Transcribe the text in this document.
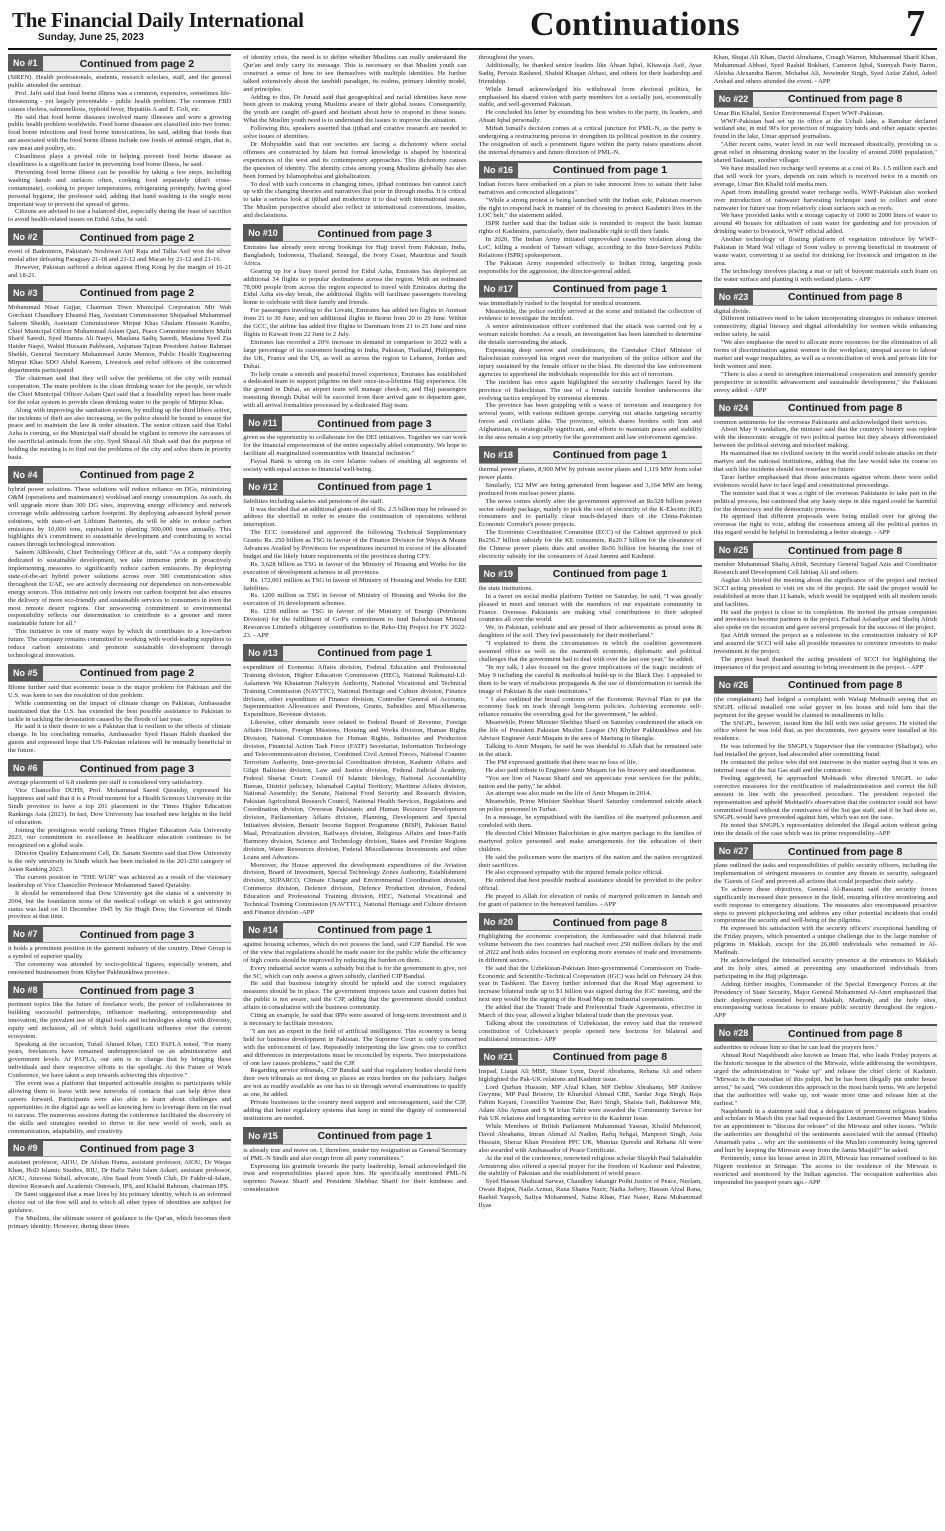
The Financial Daily International
Sunday, June 25, 2023	Continuations	7
No #1	Continued from page 2

(SIREN). Health professionals, students, research scholars, staff, and the general public attended the seminar.

Prof. Jafri said that food borne illness was a common, expensive, sometimes life-threatening - yet largely preventable - public health problem. The common FBD causes cholera, salmonellosis, typhoid fever, Hepatitis A and E. Coli, etc.

He said that food borne diseases involved many illnesses and were a growing public health problem worldwide. Food borne diseases are classified into two forms: food borne infections and food borne intoxications, he said, adding that foods that are associated with the food borne illness include raw foods of animal origin, that is, raw meat and poultry, etc.

Cleanliness plays a pivotal role in helping prevent food borne disease as cleanliness is a significant factor in preventing food borne illness, he said.

Preventing food borne illness can be possible by taking a few steps, including washing hands and surfaces often, cooking food separately (don't cross-contaminate), cooking to proper temperatures, refrigerating promptly, having good personal hygiene, the professor said, adding that hand washing is the single most important way to prevent the spread of germs.

Citizens are advised to use a balanced diet, especially during the feast of sacrifice to avoid health-related issues on Eidul Azha, he said.

No #2	Continued from page 2

event of Badminton, Pakistan's Noshiwan Arif Raja and Talha Asif won the silver medal after defeating Paraguay 21-18 and 21-12 and Macau by 21-12 and 21-16.

However, Pakistan suffered a defeat against Hong Kong by the margin of 16-21 and 18-21.

No #3	Continued from page 2

Mohammad Nisar Gujjar, Chairman Town Municipal Corporation Mir Wah Gorchani Chaudhary Ehsanul Haq, Assistant Commissioner Shujaabad Muhammad Saleem Sheikh, Assistant Commissioner Mirpur Khas Ghulam Hussain Kaniho, Chief Municipal Officer Muhammad Aslam Qazi, Peace Committee members Mufti Sharif Saeedi, Syed Hamza Ali Naqvi, Maulana Sadiq Saeedi, Maulana Syed Zia Haider Naqvi, Wahid Hussain Pahlwani, Anjuman Tajiran President Anisur Rahman Sheikh, General Secretary Muhammad Amin Memon, Public Health Engineering Mirpur Khas SDO Abdul Kareem, Livestock and relief officers of the concerned departments participated.

The chairman said that they will solve the problems of the city with mutual cooperation. The main problem is the clean drinking water for the people, on which the Chief Municipal Officer Aslam Qazi said that a feasibility report has been made for the solar system to provide clean drinking water to the people of Mirpur Khas.

Along with improving the sanitation system, by mulling up the third lifters active, the incidents of theft are also increasing, so the police should be bound to ensure the peace and to maintain the law & order situation. The senior citizen said that Eidul Azha is coming, so the Municipal staff should be vigilant to remove the carcasses of the sacrificial animals from the city. Syed Shazal Ali Shah said that the purpose of holding the meeting is to find out the problems of the city and solve them in priority basis.

No #4	Continued from page 2

hybrid power solutions. These solutions will reduce reliance on DGs, minimizing O&M (operations and maintenance) workload and energy consumption. As such, du will upgrade more than 300 DG sites, improving energy efficiency and network coverage while addressing carbon footprint. By deploying advanced hybrid power solutions, with state-of-art Lithium Batteries, du will be able to reduce carbon emissions by 10,000 tons, equivalent to planting 500,000 trees annually. This highlights du's commitment to sustainable development and contributing to social causes through technological innovation.

Saleem AlBlooshi, Chief Technology Officer at du, said: "As a company deeply dedicated to sustainable development, we take immense pride in proactively implementing measures to significantly reduce carbon emissions. By deploying state-of-the-art hybrid power solutions across over 300 communication sites throughout the UAE, we are actively decreasing our dependence on non-renewable energy sources. This initiative not only lowers our carbon footprint but also ensures the delivery of more eco-friendly and sustainable services to consumers in even the most remote desert regions. Our unwavering commitment to environmental responsibility reflects our determination to contribute to a greener and more sustainable future for all."

This initiative is one of many ways by which du contributes to a low-carbon future. The company remains committed to working with world-leading suppliers to reduce carbon emissions and promote sustainable development through technological innovation.

No #5	Continued from page 2

Blome further said that economic issue is the major problem for Pakistan and the U.S. was keen to see the resolution of this problem.

While commenting on the impact of climate change on Pakistan, Ambassador maintained that the U.S. has extended the best possible assistance to Pakistan to tackle in tackling the devastation caused by the floods of last year.

He said it is their desire to see a Pakistan that is resilient to the effects of climate change. In his concluding remarks, Ambassador Syed Hasan Habib thanked the guests and expressed hope that US-Pakistan relations will be mutually beneficial in the future.

No #6	Continued from page 3

average placement of 6.8 students per staff is considered very satisfactory.

Vice Chancellor DUHS, Prof. Mohammad Saeed Quraishy, expressed his happiness and said that it is a Proud moment for a Health Sciences University in the Sindh province to have a top 201 placement in the Times Higher Education Rankings Asia (2023). In fact, Dow University has touched new heights in the field of education.

Joining the prestigious world ranking Times Higher Education Asia University 2023, our commitment to excellence in healthcare education continues to be recognized on a global scale.

Director Quality Enhancement Cell, Dr. Sanam Soomro said that Dow University is the only university in Sindh which has been included in the 201-250 category of Asian Ranking 2023.

The current position in "THE WUR" was achieved as a result of the visionary leadership of Vice Chancellor Professor Mohammad Saeed Quraishy.

It should be remembered that Dow University got the status of a university in 2004, but the foundation stone of the medical college on which it got university status was laid on 10 December 1945 by Sir Hugh Dow, the Governor of Sindh province at that time.

No #7	Continued from page 3

it holds a prominent position in the garment industry of the country. Diner Group is a symbol of superior quality.

The ceremony was attended by socio-political figures, especially women, and renowned businessmen from Khyber Pakhtunkhwa province.

No #8	Continued from page 3

pertinent topics like the future of freelance work, the power of collaborations in building successful partnerships, influencer marketing, entrepreneurship and innovation, the prevalent use of digital tools and technologies along with diversity, equity and inclusion, all of which hold significant influence over the current ecosystem.

Speaking at the occasion, Tufail Ahmed Khan, CEO PAFLA noted, "For many years, freelancers have remained underappreciated on an administrative and government levels. At PAFLA, our aim is to change that by bringing these individuals and their respective efforts to the spotlight. At this Future of Work Conference, we have taken a step towards achieving this objective."

The event was a platform that imparted actionable insights to participants while allowing them to leave with new networks of contacts that can help drive their careers forward. Participants were also able to learn about challenges and opportunities in the digital age as well as knowing how to leverage them on the road to success. The numerous sessions during the conference facilitated the discovery of the skills and strategies needed to thrive in the new world of work, such as communication, adaptability, and creativity.

No #9	Continued from page 3

assistant professor, AIOU, Dr Afshan Huma, assistant professor, AIOU, Dr Waqas Khan, HoD Islamic Studies, RIU, Dr Hafiz Tahir Islam Askari, assistant professor, AIOU, Amoona Sohail, advocate, Abu Saad from Youth Club, Dr Fakhr-ul-Islam, director Research and Academic Outreach, IPS, and Khalid Rahman, chairman IPS.

Dr Sami suggested that a man lives by his primary identity, which is an informed choice out of the free will and to which all other types of identities are subject for guidance.

For Muslims, the ultimate source of guidance is the Qur'an, which becomes their primary identity. However, during these times

of identity crisis, the need is to define whether Muslims can really understand the Qur'an and truly carry its message. This is necessary so that Muslim youth can construct a sense of how to see themselves with multiple identities. He further talked extensively about the tawhidi paradigm, its realms, primary identity model, and principles.

Adding to this, Dr Junaid said that geographical and racial identities have now been given to making young Muslims aware of their global issues. Consequently, the youth are caught off-guard and hesitant about how to respond to these issues. What the Muslim youth need is to understand the issues to improve the situation.

Following this, speakers asserted that ijtihad and creative research are needed to solve issues of identities.

Dr Mohyuddin said that our societies are facing a dichotomy where social offenses are constructed by Islam but formal knowledge is shaped by historical experiences of the west and its contemporary approaches. This dichotomy causes the question of identity. The identity crisis among young Muslims globally has also been formed by Islamophobia and globalization.

To deal with such concerns in changing times, ijtihad continues but cannot catch up with the changing theories and narratives that pour in through media. It is critical to take a serious look at ijtihad and modernize it to deal with international issues. The Muslim perspective should also reflect in international conventions, treaties, and declarations.

No #10	Continued from page 3

Emirates has already seen strong bookings for Hajj travel from Pakistan, India, Bangladesh, Indonesia, Thailand, Senegal, the Ivory Coast, Mauritius and South Africa.

Gearing up for a busy travel period for Eidul Azha, Emirates has deployed an additional 34 flights to popular destinations across the region. With an estimated 78,000 people from across the region expected to travel with Emirates during the Eidul Azha six-day break, the additional flights will facilitate passengers traveling home to celebrate with their family and friends.

For passengers traveling to the Levant, Emirates has added ten flights to Amman from 21 to 30 June, and ten additional flights to Beirut from 20 to 29 June. Within the GCC, the airline has added five flights to Dammam from 21 to 25 June and nine flights to Kuwait from 22 June to 2 July.

Emirates has recorded a 20% increase in demand in comparison to 2022 with a large percentage of its customers heading to India, Pakistan, Thailand, Philippines, the UK, France and the US, as well as across the region to Lebanon, Jordan and Dubai.

To help create a smooth and peaceful travel experience, Emirates has established a dedicated team to support pilgrims on their once-in-a-lifetime Hajj experience. On the ground in Dubai, an airport team will manage check-in, and Hajj passengers transiting through Dubai will be escorted from their arrival gate to departure gate, with all arrival formalities processed by a dedicated Hajj team.

No #11	Continued from page 3

given us the opportunity to collaborate for the DEI initiatives. Together we can work for the financial empowerment of the entire especially abled community. We hope to facilitate all marginalized communities with financial inclusion."

Faysal Bank is strong on its core Islamic values of enabling all segments of society with equal access to financial well-being.

No #12	Continued from page 1

liabilities including salaries and pensions of the staff.

It was decided that an additional grant-in-aid of Rs. 2.5 billion may be released to address the shortfall in order to ensure the continuation of operations without interruption.

The ECC considered and approved the following Technical Supplementary Grants: Rs. 250 billion as TSG in favour of the Finance Division for Ways & Means Advances Availed by Provinces for expenditures incurred in excess of the allocated budget and the likely future requirements of the provinces during CFY.

Rs. 3,628 billion as TSG in favour of the Ministry of Housing and Works for the execution of development schemes in all provinces.

Rs. 172,001 million as TSG in favour of Ministry of Housing and Works for ERE liabilities.

Rs. 1200 million as TSG in favour of Ministry of Housing and Works for the execution of 16 development schemes.

Rs. 1238 million as TSG in favour of the Ministry of Energy (Petroleum Division) for the fulfillment of GoP's commitment to fund Balochistan Mineral Resources Limited's obligatory contribution to the Reko-Diq Project for FY 2022-23. - APP

No #13	Continued from page 1

expenditure of Economic Affairs division, Federal Education and Professional Training division, Higher Education Commission (HEC), National Rahmatul-Lil-Aalameen Wa Khatamun Nabiyyin Authority, National Vocational and Technical Training Commission (NAVTTC), National Heritage and Culture division, Finance division, other expenditure of Finance division, Controller General of Accounts, Superannuation Allowances and Pensions, Grants, Subsidies and Miscellaneous Expenditure, Revenue division.

Likewise, other demands were related to Federal Board of Revenue, Foreign Affairs Division, Foreign Missions, Housing and Works division, Human Rights Division, National Commission for Human Rights, Industries and Production division, Financial Action Task Force (FATF) Secretariat, Information Technology and Telecommunication division, Combined Civil Armed Forces, National Counter Terrorism Authority, Inter-provincial Coordination division, Kashmir Affairs and Gilgit Baltistan division, Law and Justice division, Federal Judicial Academy, Federal Shariat Court; Council Of Islamic Ideology, National Accountability Bureau, District judiciary, Islamabad Capital Territory; Maritime Affairs division, National Assembly; the Senate, National Food Security and Research division, Pakistan Agricultural Research Council, National Health Services, Regulations and Coordination division, Overseas Pakistanis and Human Resource Development division, Parliamentary Affairs division, Planning, Development and Special Initiatives division, Benazir Income Support Programme (BISP), Pakistan Baitul Maal, Privatization division, Railways division, Religious Affairs and Inter-Faith Harmony division, Science and Technology division, States and Frontier Regions division, Water Resources division, Federal Miscellaneous Investments and other Loans and Advances.

Moreover, the House approved the development expenditures of the Aviation division, Board of Investment, Special Technology Zones Authority, Establishment division, SUPARCO, Climate Change and Environmental Coordination division, Commerce division, Defence division, Defence Production division, Federal Education and Professional Training division, HEC, National Vocational and Technical Training Commission (NAVTTC), National Heritage and Culture division and Finance division.-APP

No #14	Continued from page 1

against housing schemes, which do not possess the land, said CJP Bandial. He was of the view that regulations should be made easier for the public while the efficiency of high courts should be improved by reducing the burden on them.

Every industrial sector wants a subsidy but that is for the government to give, not the SC, which can only assess a given subsidy, clarified CJP Bandial.

He said that business integrity should be upheld and the correct regulatory measures should be in place. The government imposes taxes and custom duties but the public is not aware, said the CJP, adding that the government should conduct affairs in consultation with the business community.

Citing an example, he said that IPPs were assured of long-term investment and it is necessary to facilitate investors.

"I am not an expert in the field of artificial intelligence. This economy is being held for business development in Pakistan. The Supreme Court is only concerned with the enforcement of law. Repeatedly interpreting the law gives rise to conflict and differences in interpretations must be reconciled by experts. Two interpretations of one law causes problems," said the CJP.

Regarding service tribunals, CJP Bandial said that regulatory bodies should form their own tribunals as not doing so places an extra burden on the judiciary. Judges are not as readily available as one has to sit through several examinations to qualify as one, he added.

Private businesses in the country need support and encouragement, said the CJP, adding that better regulatory systems that keep in mind the dignity of commercial institutions are needed.

No #15	Continued from page 1

is already true and move on. I, therefore, tender my resignation as General Secretary of PML-N Sindh and also resign from all party committees."

Expressing his gratitude towards the party leadership, Ismail acknowledged the trust and responsibilities placed upon him. He specifically mentioned PML-N supremo Nawaz Sharif and President Shehbaz Sharif for their kindness and consideration

throughout the years.

Additionally, he thanked senior leaders like Ahsan Iqbal, Khawaja Asif, Ayaz Sadiq, Pervaiz Rasheed, Shahid Khaqan Abbasi, and others for their leadership and friendship.

While Ismail acknowledged his withdrawal from electoral politics, he emphasised his shared vision with party members for a socially just, economically stable, and well-governed Pakistan.

He concluded his letter by extending his best wishes to the party, its leaders, and Ahsan Iqbal personally.

Miftah Ismail's decision comes at a critical juncture for PML-N, as the party is undergoing a restructuring process to strengthen its political position in the country. The resignation of such a prominent figure within the party raises questions about the internal dynamics and future direction of PML-N.

No #16	Continued from page 1

Indian forces have embarked on a plan to take innocent lives to satiate their false narratives and concocted allegations".

"While a strong protest is being launched with the Indian side, Pakistan reserves the right to respond back in manner of its choosing to protect Kashmiri lives in the LOC belt," the statement added.

ISPR further said that the Indian side is reminded to respect the basic human rights of Kashmiris, particularly, their inalienable right to till their lands.

In 2020, The Indian Army initiated unprovoked ceasefire violation along the LoC, killing a resident of Tatwari village, according to the Inter-Services Public Relations (ISPR) spokesperson.

The Pakistan Army responded effectively to Indian firing, targeting posts responsible for the aggression, the director-general added.

No #17	Continued from page 1

was immediately rushed to the hospital for medical treatment.

Meanwhile, the police swiftly arrived at the scene and initiated the collection of evidence to investigate the incident.

A senior administration officer confirmed that the attack was carried out by a woman suicide bomber. As a result, an investigation has been launched to determine the details surrounding the attack.

Expressing deep sorrow and condolences, the Caretaker Chief Minister of Balochistan conveyed his regret over the martyrdom of the police officer and the injury sustained by the female officer in the blast. He directed the law enforcement agencies to apprehend the individuals responsible for this act of terrorism.

The incident has once again highlighted the security challenges faced by the province of Balochistan. The use of a female suicide bomber underscores the evolving tactics employed by extremist elements.

The province has been grappling with a wave of terrorism and insurgency for several years, with various militant groups carrying out attacks targeting security forces and civilians alike. The province, which shares borders with Iran and Afghanistan, is strategically significant, and efforts to maintain peace and stability in the area remain a top priority for the government and law enforcement agencies.

No #18	Continued from page 1

thermal power plants, 8,900 MW by private sector plants and 1,119 MW from solar power plants.

Similarly, 152 MW are being generated from bagasse and 3,164 MW are being produced from nuclear power plants.

The news comes shortly after the government approved an Rs328 billion power sector subsidy package, mainly to pick the cost of electricity of the K-Electric (KE) consumers and to partially clear much-delayed dues of the China-Pakistan Economic Corridor's power projects.

The Economic Coordination Committee (ECC) of the Cabinet approved to pick Rs256.7 billion subsidy for the KE consumers, Rs20.7 billion for the clearance of the Chinese power plants dues and another Rs56 billion for bearing the cost of electricity subsidy for the consumers of Azad Jammu and Kashmir.

No #19	Continued from page 1

the state institutions.

In a tweet on social media platform Twitter on Saturday, he said, "I was greatly pleased to meet and interact with the members of our expatriate community in France. Overseas Pakistanis are making vital contributions to their adopted countries all over the world.

We, in Pakistan, celebrate and are proud of their achievements as proud sons & daughters of the soil. They feel passionately for their motherland."

"I explained to them the circumstances in which the coalition government assumed office as well as the mammoth economic, diplomatic and political challenges that the government had to deal with over the last one year," he added.

"In my talk, I also focused on the grave implications of the tragic incidents of May 9 including the careful & methodical build-up to the Black Day. I appealed to them to be wary of malicious propaganda & the use of disinformation to tarnish the image of Pakistan & the state institutions."

" I also outlined the broad contours of the Economic Revival Plan to put the economy back on track through long-term policies. Achieving economic self-reliance remains the overriding goal for the government," he added.

Meanwhile, Prime Minister Shehbaz Sharif on Saturday condemned the attack on the life of President Pakistan Muslim League (N) Khyber Pakhtunkhwa and his Advisor Engineer Amir Muqam in the area of Martung in Shangla.

Talking to Amir Muqam, he said he was thankful to Allah that he remained safe in the attack.

The PM expressed gratitude that there was no loss of life.

He also paid tribute to Engineer Amir Muqam for his bravery and steadfastness.

"You are lion of Nawaz Sharif and we appreciate your services for the public, nation and the party," he added.

An attempt was also made on the life of Amir Muqam in 2014.

Meanwhile, Prime Minister Shehbaz Sharif Saturday condemned suicide attack on police personnel in Turbat.

In a message, he sympathised with the families of the martyred policemen and condoled with them.

He directed Chief Minister Balochistan to give martyrs package to the families of martyred police personnel and make arrangements for the education of their children.

He said the policemen were the martyrs of the nation and the nation recognized their sacrifices.

He also expressed sympathy with the injured female police official.

He ordered that best possible medical assistance should be provided to the police official.

He prayed to Allah for elevation of ranks of martyred policemen in Jannah and for grant of patience to the bereaved families. - APP

No #20	Continued from page 8

Highlighting the economic cooperation, the Ambassador said that bilateral trade volume between the two countries had reached over 250 million dollars by the end of 2022 and both sides focused on exploring more avenues of trade and investments in different sectors.

He said that the Uzbekistan-Pakistan Inter-governmental Commission on Trade-Economic and Scientific-Technical Cooperation (IGC) was held on February 24 this year in Tashkent. The Envoy further informed that the Road Map agreement to increase bilateral trade up to $1 billion was signed during the IGC meeting, and the next step would be the signing of the Road Map on Industrial cooperation.

He added that the Transit Trade and Preferential Trade Agreements, effective in March of this year, allowed a higher bilateral trade than the previous year.

Talking about the constitution of Uzbekistan, the envoy said that the renewed constitution of Uzbekistan's people opened new horizons for bilateral and multilateral interaction.- APP

No #21	Continued from page 8

Inspad, Liaqat Ali MBE, Shane Lynn, David Abrahams, Rehana Ali and others highlighted the Pak-UK relations and Kashmir issue.

Lord Qurban Hussain, MP Afzal Khan, MP Debbie Abrahams, MP Andrew Gwynne, MP Paul Bristow, Dr Khurshid Ahmad CBE, Sardar Joga Singh, Raja Fahim Kayani, Councillor Yasmine Dar, Ravi Singh, Shaista Safi, Bakhtawar Mir, Adam Abu Ayman and S M Irfan Tahir were awarded the Community Service for Pak UK relations and longstanding service to the Kashmir Issue.

While Members of British Parliament Muhammad Yasean, Khalid Mehmood, David Abrahams, Imran Ahmad Al Nadim, Rafiq Sehgal, Manpreet Singh, Asia Hussain, Sheraz Khan President PPC UK, Mumtaz Qureshi and Rehana Ali were also awarded with Ambassador of Peace Certificate.

At the end of the conference, renowned religious scholar Shaykh Paul Salahuddin Armstrong also offered a special prayer for the freedom of Kashmir and Palestine, the stability of Pakistan and the establishment of world peace.

Syed Hassan Shahzad Sarwar, Chaudhry Jahangir Pothi Justice of Peace, Neelam, Owais Rajput, Naila Azmat, Rana Shama Nazir, Nadia Jaffery, Hassan Afzal Rana, Rashid Yaqoob, Safiya Mohammed, Naina Khan, Fiaz Naser, Rana Muhammad Ilyas

Khan, Shujat Ali Khan, David Abrahams, Creagh Warren, Muhammad Sharif Khan, Muhammad Abbasi, Syed Rashid Bokhari, Cameron Iqbal, Sunnyah Pasty Baron, Aleisha Alexandra Baron, Mohabat Ali, Jeswinder Singh, Syed Azfar Zahid, Adeel Arshad and others attended the event. - APP

No #22	Continued from page 8

Umar Bin Khalid, Senior Environmental Expert WWF-Pakistan.

WWF-Pakistan had set up its office at the Uchali lake, a Ramshar declared wetland site, in mid 90's for protection of migratory birds and other aquatic species found in the lake, Umar apprised journalists.

"After recent rains, water level in our well increased drastically, providing us a great relief in obtaining drinking water in the locality of around 2000 population," shared Taslaam, another villager.

We have installed two recharge well systems at a cost of Rs. 1.5 million each and that will work for years, depends on rain which is received twice in a month on average, Umar Bin Khalid told media men.

Apart from installing ground water recharge wells, WWF-Pakistan also worked over introduction of rainwater harvesting technique used to collect and store rainwater for future use from relatively clean surfaces such as roofs.

We have provided tanks with a storage capacity of 1000 to 2000 liters of water to around 40 houses for utilization of rain water for gardening and for provision of drinking water to livestock, WWF official added.

Another technology of floating platform of vegetation introduce by WWF-Pakistan in Mard Wal village of Soon valley is proving beneficial in treatment of waste water, converting it as useful for drinking for livestock and irrigation in the area.

The technology involves placing a mat or raft of buoyant materials such foam on the water surface and planting it with wetland plants. - APP

No #23	Continued from page 8

digital divide.

Different initiatives need to be taken incorporating strategies to enhance internet connectivity, digital literacy and digital affordability for women while enhancing online safety, he said.

"We also emphasise the need to allocate more resources for the elimination of all forms of discrimination against women in the workplace, unequal access to labour market and wage inequalities, as well as a reconciliation of work and private life for both women and men.

"There is also a need to strengthen international cooperation and intensify gender perspective in scientific advancement and sustainable development," the Pakistani envoy added. - APP

No #24	Continued from page 8

common sentiments for the overseas Pakistanis and acknowledged their services.

About May 9 vandalism, the minister said that the country's history was replete with the democratic struggle of two political parties but they always differentiated between the political striving and mischief making.

He maintained that no civilized society in the world could tolerate attacks on their martyrs and the national institutions, adding that the law would take its course so that such like incidents should not resurface in future.

Tarar further emphasised that those miscreants against whom there were solid evidences would have to face legal and constitutional proceedings.

The minister said that it was a right of the overseas Pakistanis to take part in the political process, but cautioned that any hasty steps in this regard could be harmful for the democracy and the democratic process.

He apprised that different proposals were being mulled over for giving the overseas the right to vote, adding the consensus among all the political parties in this regard would be helpful in formulating a better strategy. - APP

No #25	Continued from page 8

member Muhammad Shafiq Afridi, Secretary General Sajjad Aziz and Coordinator Research and Development Cell Ishtiaq Ali and others.

Asghar Ali briefed the meeting about the significance of the project and invited SCCI acting president to visit on site of the project. He said the project would be established at more than 11 kanals, which would be equipped with all modern needs and facilities.

He said the project is close to its completion. He invited the private companies and investors to become partners in the project. Farhad Asfandyar and Shafiq Afridi also spoke on the occasion and gave several proposals for the success of the project.

Ijaz Afridi termed the project as a milestone in the construction industry of KP and assured the SCCI will take all possible measures to convince investors to make investment in the project.

The project head thanked the acting president of SCCI for highlighting the importance of the project and assuring to bring investment in the project. - APP

No #26	Continued from page 8

(the complainant) had lodged a complaint with Wafaqi Mohtasib saying that an SNGPL official installed one solar geyser in his house and told him that the payment for the geyser would be claimed in installments in bills.

The SNGPL, however, issued him the bill with two solar geysers. He visited the office where he was told that, as per documents, two geysers were installed at his residence.

He was informed by the SNGPL's Supervisor that the contractor (Shafiqat), who had installed the geyser, had absconded after committing fraud.

He contacted the police who did not intervene in the matter saying that it was an internal issue of the Sui Gas staff and the contractor.

Feeling aggrieved, he approached Mohtasib who directed SNGPL to take corrective measures for the rectification of maladministration and correct the bill amount in line with the prescribed procedure. The president rejected the representation and upheld Mohtasib's observation that the contractor could not have committed fraud without the connivance of the Sui gas staff, and if he had done so, SNGPL would have proceeded against him, which was not the case.

He noted that SNGPL's representative defended the illegal action without going into the details of the case which was its prime responsibility.-APP

No #27	Continued from page 8

plans outlined the tasks and responsibilities of public security officers, including the implementation of stringent measures to counter any threats to security, safeguard the 'Guests of God' and prevent all actions that could jeopardize their safety.

To achieve these objectives, General Al-Bassami said the security forces significantly increased their presence in the field, ensuring effective monitoring and swift response to emergency situations. The measures also encompassed proactive steps to prevent pickpocketing and address any other potential incidents that could compromise the security and well-being of the pilgrims.

He expressed his satisfaction with the security officers' exceptional handling of the Friday prayers, which presented a unique challenge due to the large number of pilgrims in Makkah, except for the 26,000 individuals who remained in Al-Madinah.

He acknowledged the intensified security presence at the entrances to Makkah and its holy sites, aimed at preventing any unauthorized individuals from participating in the Hajj pilgrimage.

Adding further insights, Commander of the Special Emergency Forces at the Presidency of State Security, Major General Mohammed Al-Amri emphasized that their deployment extended beyond Makkah, Madinah, and the holy sites, encompassing various locations to ensure public security throughout the region.- APP

No #28	Continued from page 8

authorities to release him so that he can lead the prayers here."

Ahmad Rouf Naqshbandi also known as Imam Hai, who leads Friday prayers at the historic mosque in the absence of the Mirwaiz, while addressing the worshipers, urged the administration to "wake up" and release the chief cleric of Kashmir. "Mirwaiz is the custodian of this pulpit, but he has been illegally put under house arrest," he said, "We condemn this approach in the most harsh terms. We are hopeful that the authorities will wake up, not waste more time and release him at the earliest."

Naqshbandi in a statement said that a delegation of prominent religious leaders and scholars in March this year had requested the Lieutenant Governor Manoj Sinha for an appointment to "discuss the release" of the Mirwaiz and other issues. "While the authorities are thoughtful of the sentiments associated with the annual (Hindu) Amarnath yatra ... why are the sentiments of the Muslim community being ignored and hurt by keeping the Mirwaiz away from the Jamia Masjid?" he asked.

Pertinently, since his house arrest in 2019, Mirwaiz has remained confined to his Nigeen residence in Srinagar. The access to the residence of the Mirwaiz is restricted and monitored by the Indian agencies. The occupation authorities also impounded his passport years ago.- APP
